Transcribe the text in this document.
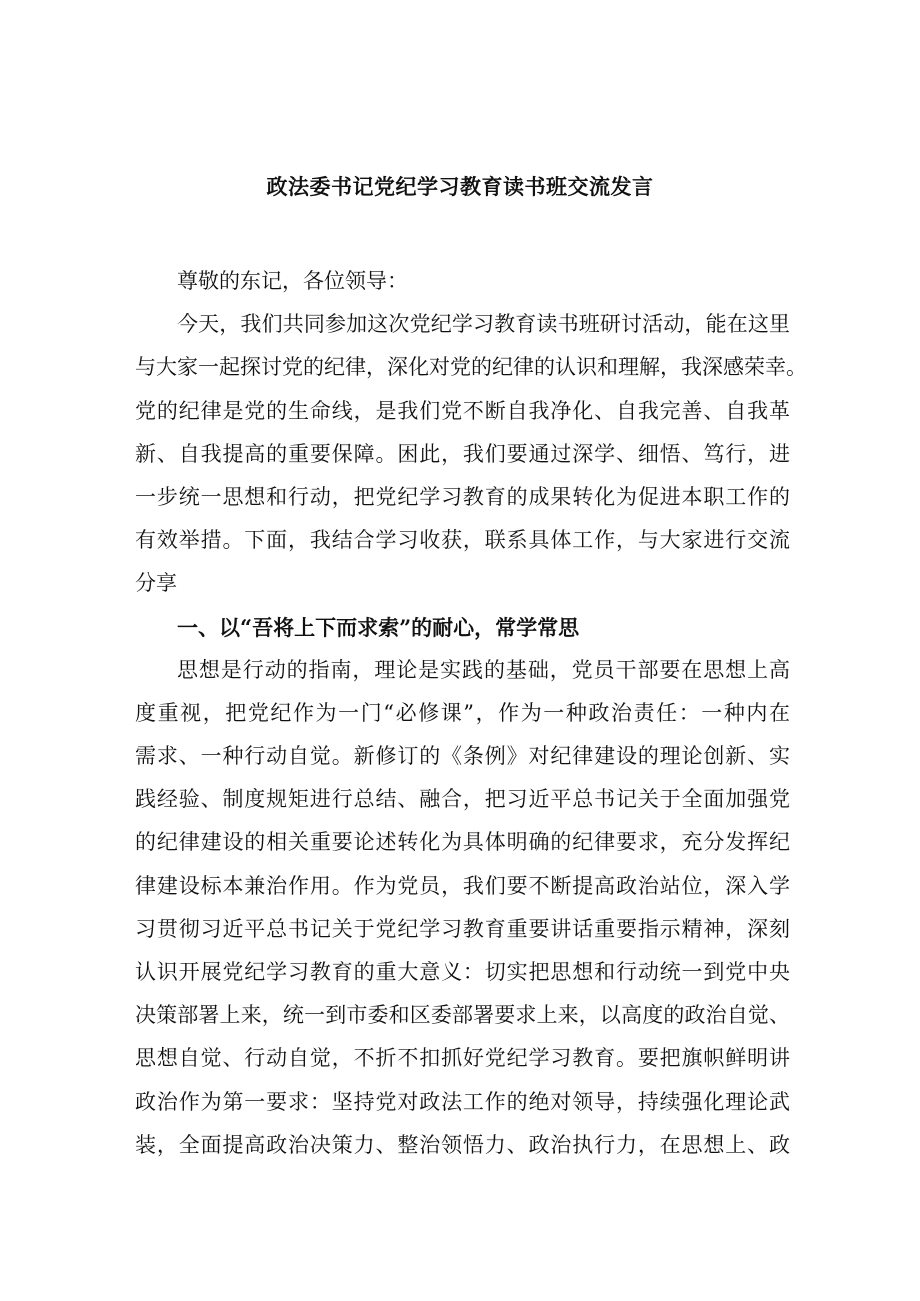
政法委书记党纪学习教育读书班交流发言
尊敬的东记，各位领导：
今天，我们共同参加这次党纪学习教育读书班研讨活动，能在这里
与大家一起探讨党的纪律，深化对党的纪律的认识和理解，我深感荣幸。
党的纪律是党的生命线，是我们党不断自我净化、自我完善、自我革
新、自我提高的重要保障。困此，我们要通过深学、细悟、笃行，进
一步统一思想和行动，把党纪学习教育的成果转化为促进本职工作的
有效举措。下面，我结合学习收获，联系具体工作，与大家进行交流
分享
一、以“吾将上下而求索”的耐心，常学常思
思想是行动的指南，理论是实践的基础，党员干部要在思想上高
度重视，把党纪作为一门“必修课”，作为一种政治责任：一种内在
需求、一种行动自觉。新修订的《条例》对纪律建设的理论创新、实
践经验、制度规矩进行总结、融合，把习近平总书记关于全面加强党
的纪律建设的相关重要论述转化为具体明确的纪律要求，充分发挥纪
律建设标本兼治作用。作为党员，我们要不断提高政治站位，深入学
习贯彻习近平总书记关于党纪学习教育重要讲话重要指示精神，深刻
认识开展党纪学习教育的重大意义：切实把思想和行动统一到党中央
决策部署上来，统一到市委和区委部署要求上来，以高度的政治自觉、
思想自觉、行动自觉，不折不扣抓好党纪学习教育。要把旗帜鲜明讲
政治作为第一要求：坚持党对政法工作的绝对领导，持续强化理论武
装，全面提高政治决策力、整治领悟力、政治执行力，在思想上、政
